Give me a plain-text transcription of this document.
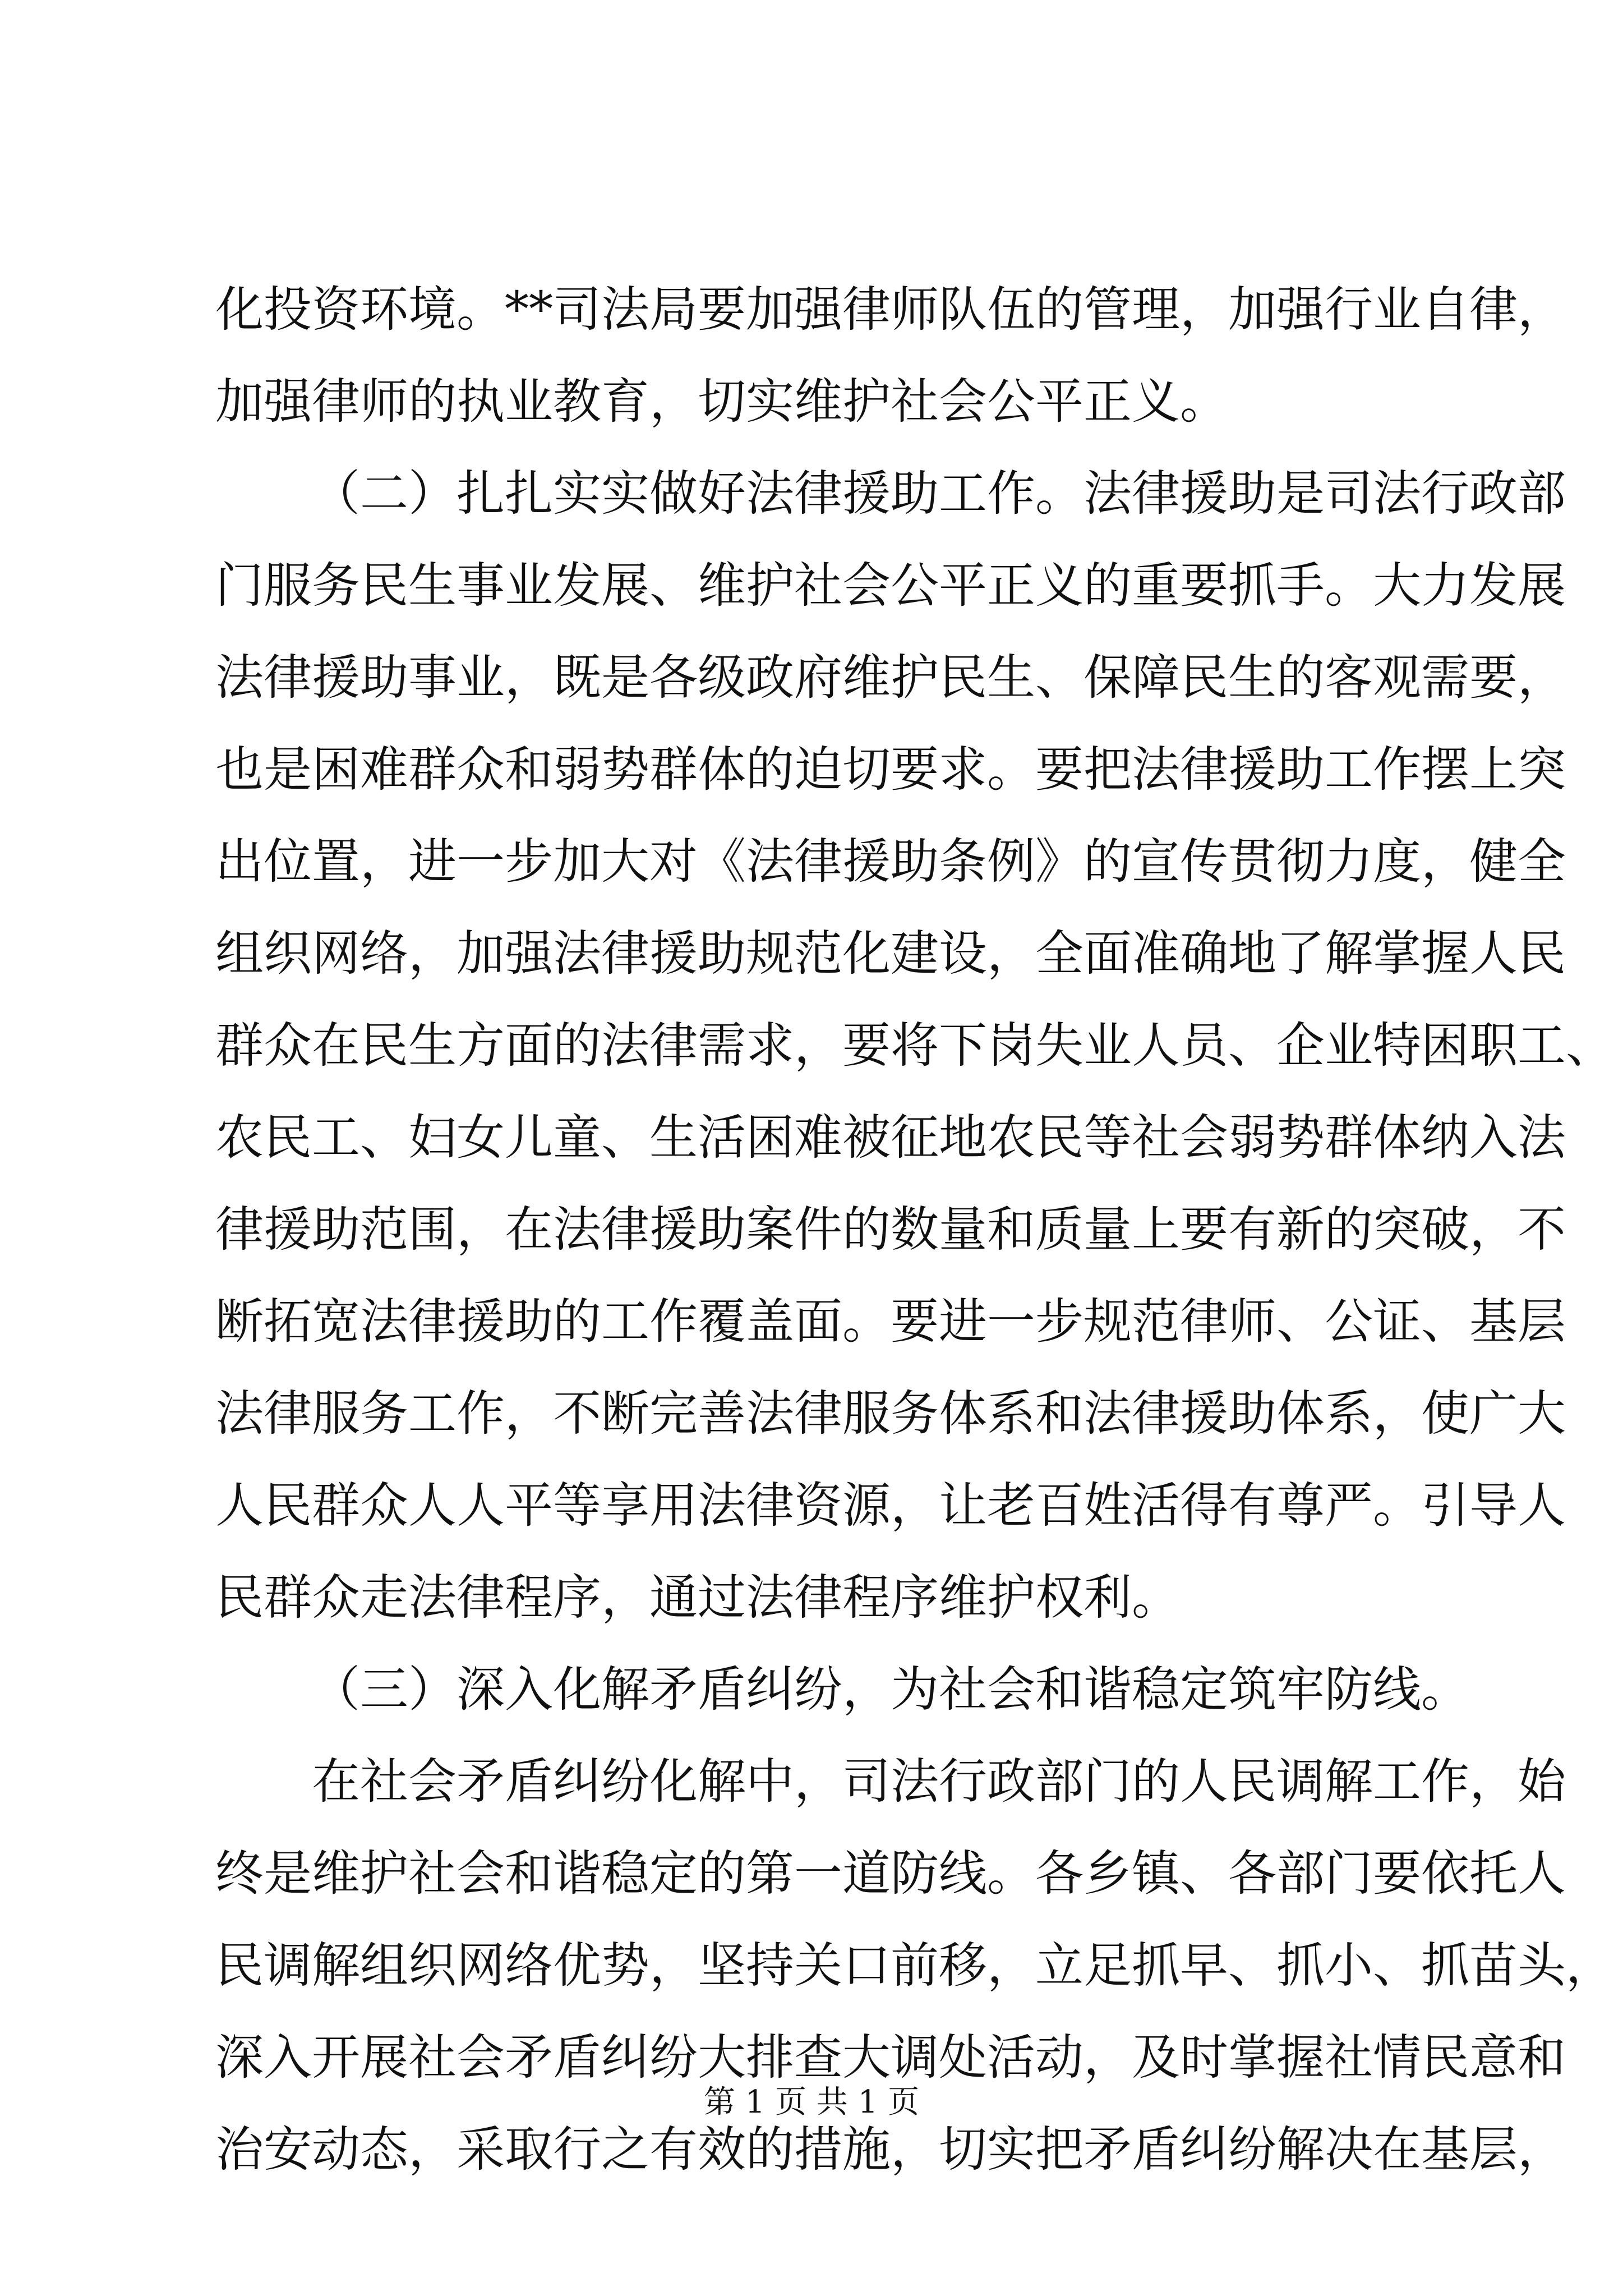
化投资环境。**司法局要加强律师队伍的管理，加强行业自律，
加强律师的执业教育，切实维护社会公平正义。
（二）扎扎实实做好法律援助工作。法律援助是司法行政部
门服务民生事业发展、维护社会公平正义的重要抓手。大力发展
法律援助事业，既是各级政府维护民生、保障民生的客观需要，
也是困难群众和弱势群体的迫切要求。要把法律援助工作摆上突
出位置，进一步加大对《法律援助条例》的宣传贯彻力度，健全
组织网络，加强法律援助规范化建设，全面准确地了解掌握人民
群众在民生方面的法律需求，要将下岗失业人员、企业特困职工、
农民工、妇女儿童、生活困难被征地农民等社会弱势群体纳入法
律援助范围，在法律援助案件的数量和质量上要有新的突破，不
断拓宽法律援助的工作覆盖面。要进一步规范律师、公证、基层
法律服务工作，不断完善法律服务体系和法律援助体系，使广大
人民群众人人平等享用法律资源，让老百姓活得有尊严。引导人
民群众走法律程序，通过法律程序维护权利。
（三）深入化解矛盾纠纷，为社会和谐稳定筑牢防线。
在社会矛盾纠纷化解中，司法行政部门的人民调解工作，始
终是维护社会和谐稳定的第一道防线。各乡镇、各部门要依托人
民调解组织网络优势，坚持关口前移，立足抓早、抓小、抓苗头，
深入开展社会矛盾纠纷大排查大调处活动，及时掌握社情民意和
治安动态，采取行之有效的措施，切实把矛盾纠纷解决在基层，
第 1 页 共 1 页
